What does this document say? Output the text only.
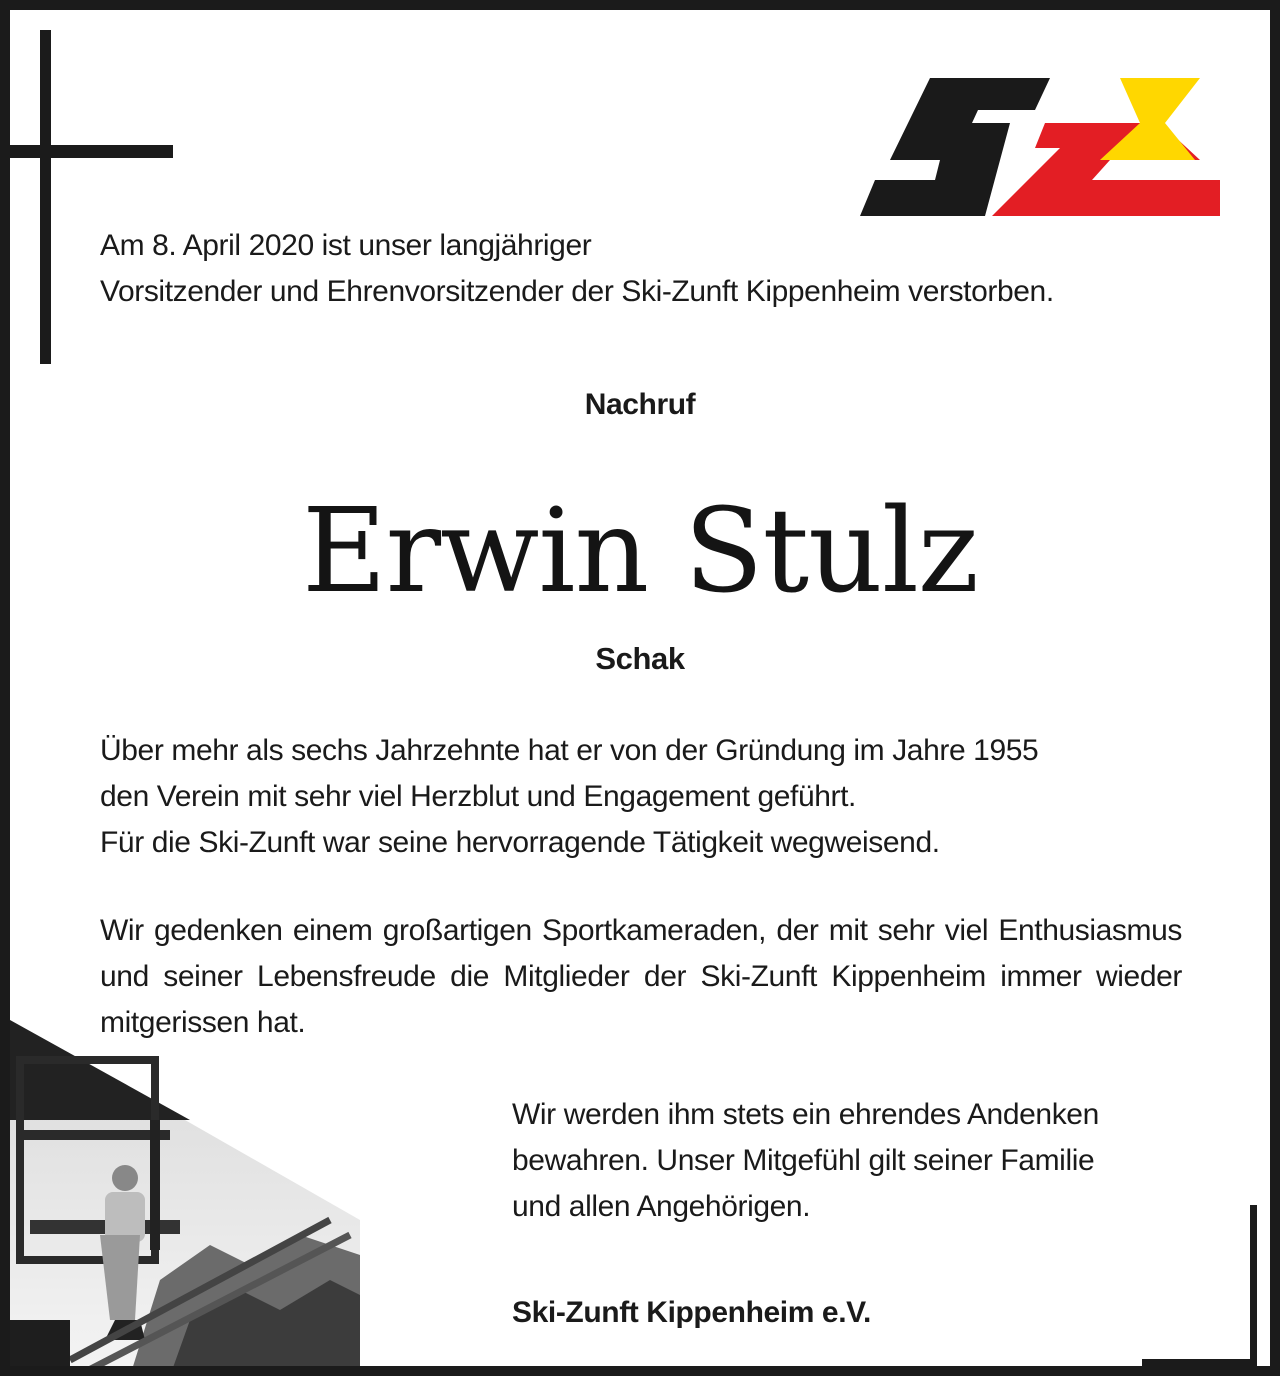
Am 8. April 2020 ist unser langjähriger
Vorsitzender und Ehrenvorsitzender der Ski-Zunft Kippenheim verstorben.
Nachruf
Erwin Stulz
Schak
Über mehr als sechs Jahrzehnte hat er von der Gründung im Jahre 1955
den Verein mit sehr viel Herzblut und Engagement geführt.
Für die Ski-Zunft war seine hervorragende Tätigkeit wegweisend.

Wir gedenken einem großartigen Sportkameraden, der mit sehr viel Enthusiasmus und seiner Lebensfreude die Mitglieder der Ski-Zunft Kippenheim immer wieder mitgerissen hat.

Wir werden ihm stets ein ehrendes Andenken
bewahren. Unser Mitgefühl gilt seiner Familie
und allen Angehörigen.
Ski-Zunft Kippenheim e.V.
